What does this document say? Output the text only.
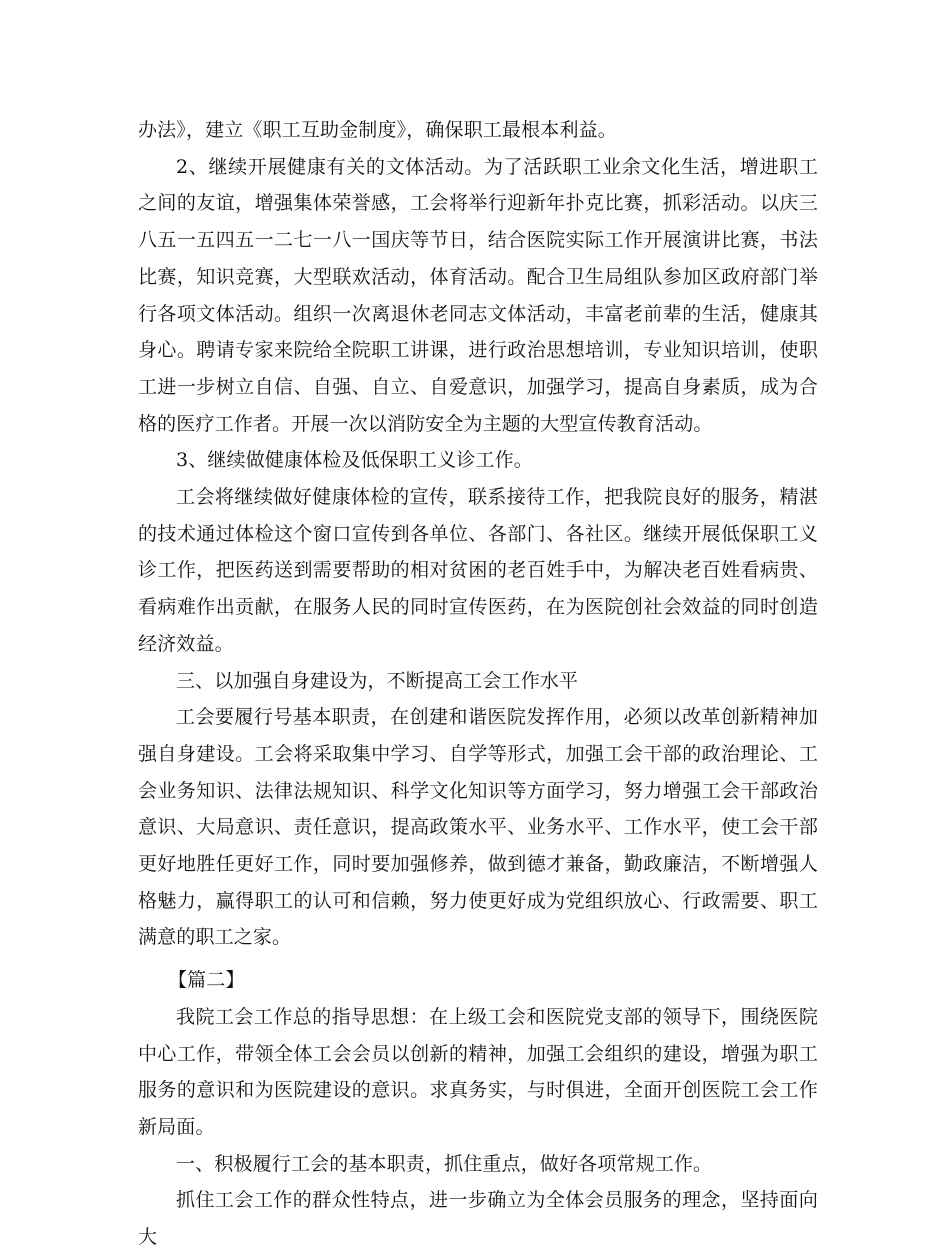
办法》，建立《职工互助金制度》，确保职工最根本利益。

2、继续开展健康有关的文体活动。为了活跃职工业余文化生活，增进职工之间的友谊，增强集体荣誉感，工会将举行迎新年扑克比赛，抓彩活动。以庆三八五一五四五一二七一八一国庆等节日，结合医院实际工作开展演讲比赛，书法比赛，知识竞赛，大型联欢活动，体育活动。配合卫生局组队参加区政府部门举行各项文体活动。组织一次离退休老同志文体活动，丰富老前辈的生活，健康其身心。聘请专家来院给全院职工讲课，进行政治思想培训，专业知识培训，使职工进一步树立自信、自强、自立、自爱意识，加强学习，提高自身素质，成为合格的医疗工作者。开展一次以消防安全为主题的大型宣传教育活动。

3、继续做健康体检及低保职工义诊工作。

工会将继续做好健康体检的宣传，联系接待工作，把我院良好的服务，精湛的技术通过体检这个窗口宣传到各单位、各部门、各社区。继续开展低保职工义诊工作，把医药送到需要帮助的相对贫困的老百姓手中，为解决老百姓看病贵、看病难作出贡献，在服务人民的同时宣传医药，在为医院创社会效益的同时创造经济效益。

三、以加强自身建设为，不断提高工会工作水平

工会要履行号基本职责，在创建和谐医院发挥作用，必须以改革创新精神加强自身建设。工会将采取集中学习、自学等形式，加强工会干部的政治理论、工会业务知识、法律法规知识、科学文化知识等方面学习，努力增强工会干部政治意识、大局意识、责任意识，提高政策水平、业务水平、工作水平，使工会干部更好地胜任更好工作，同时要加强修养，做到德才兼备，勤政廉洁，不断增强人格魅力，赢得职工的认可和信赖，努力使更好成为党组织放心、行政需要、职工满意的职工之家。

【篇二】

我院工会工作总的指导思想：在上级工会和医院党支部的领导下，围绕医院中心工作，带领全体工会会员以创新的精神，加强工会组织的建设，增强为职工服务的意识和为医院建设的意识。求真务实，与时俱进，全面开创医院工会工作新局面。

一、积极履行工会的基本职责，抓住重点，做好各项常规工作。

抓住工会工作的群众性特点，进一步确立为全体会员服务的理念，坚持面向大
